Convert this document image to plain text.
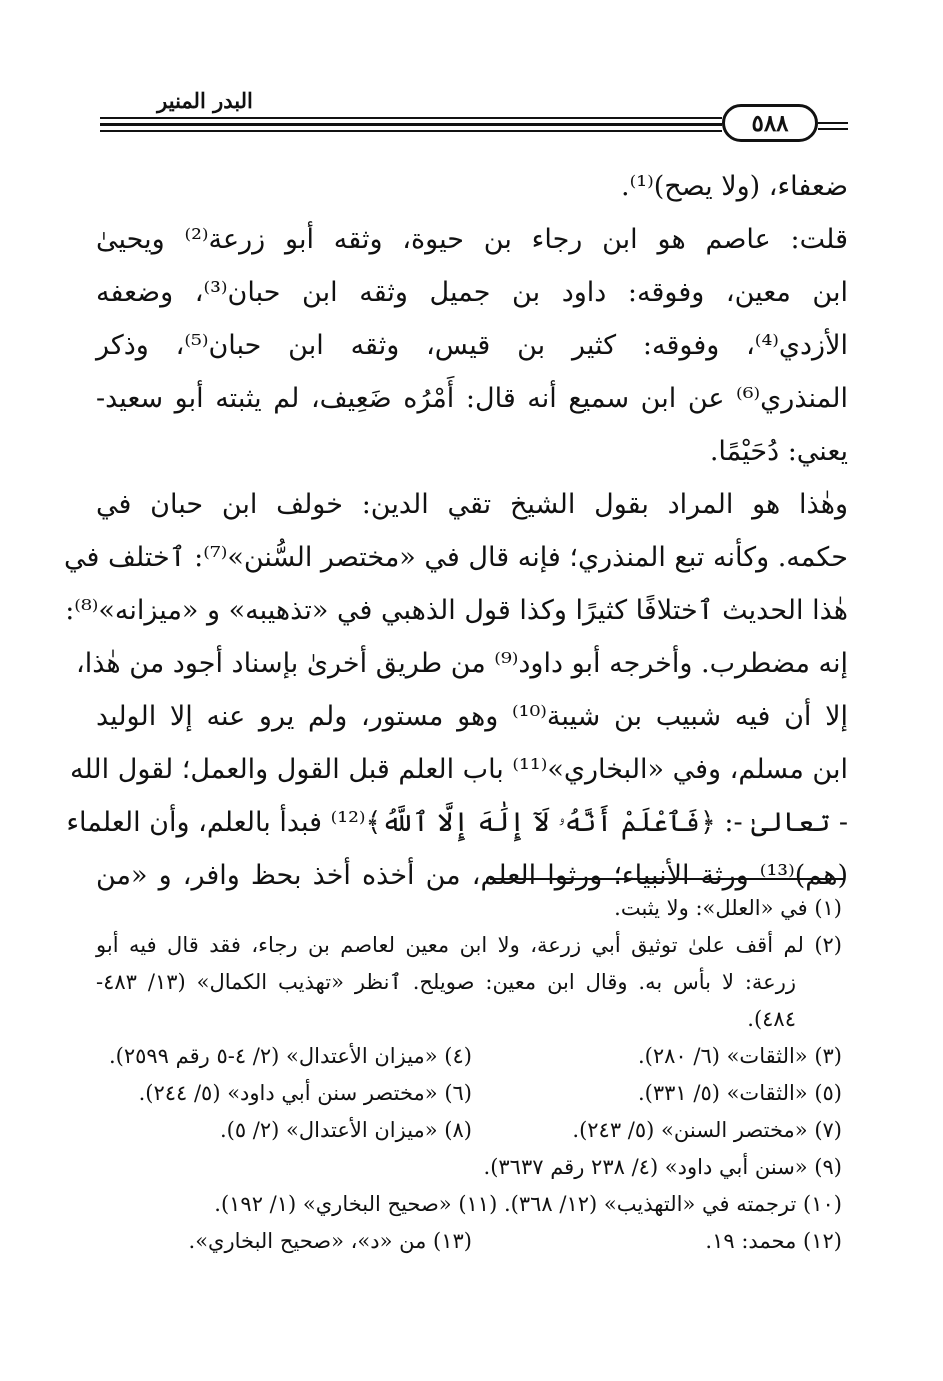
البدر المنير
٥٨٨
ضعفاء، (ولا يصح)⁽¹⁾.
قلت: عاصم هو ابن رجاء بن حيوة، وثقه أبو زرعة⁽²⁾ ويحيىٰ
ابن معين، وفوقه: داود بن جميل وثقه ابن حبان⁽³⁾، وضعفه
الأزدي⁽⁴⁾، وفوقه: كثير بن قيس، وثقه ابن حبان⁽⁵⁾، وذكر
المنذري⁽⁶⁾ عن ابن سميع أنه قال: أَمْرُه ضَعِيف، لم يثبته أبو سعيد-
يعني: دُحَيْمًا.
وهٰذا هو المراد بقول الشيخ تقي الدين: خولف ابن حبان في
حكمه. وكأنه تبع المنذري؛ فإنه قال في «مختصر السُّنن»⁽⁷⁾: ٱختلف في
هٰذا الحديث ٱختلافًا كثيرًا وكذا قول الذهبي في «تذهيبه» و «ميزانه»⁽⁸⁾:
إنه مضطرب. وأخرجه أبو داود⁽⁹⁾ من طريق أخرىٰ بإسناد أجود من هٰذا،
إلا أن فيه شبيب بن شيبة⁽¹⁰⁾ وهو مستور، ولم يرو عنه إلا الوليد
ابن مسلم، وفي «البخاري»⁽¹¹⁾ باب العلم قبل القول والعمل؛ لقول الله
- تعالىٰ -: ﴿فَٱعْلَمْ أَنَّهُۥ لَآ إِلَٰهَ إِلَّا ٱللَّهُ﴾⁽¹²⁾ فبدأ بالعلم، وأن العلماء
(هم)⁽¹³⁾ ورثة الأنبياء؛ ورثوا العلم، من أخذه أخذ بحظ وافر، و «من
(١) في «العلل»: ولا يثبت.
(٢) لم أقف علىٰ توثيق أبي زرعة، ولا ابن معين لعاصم بن رجاء، فقد قال فيه أبو
زرعة: لا بأس به. وقال ابن معين: صويلح. ٱنظر «تهذيب الكمال» (١٣/ ٤٨٣-
٤٨٤).
(٣) «الثقات» (٦/ ٢٨٠).
(٤) «ميزان الأعتدال» (٢/ ٤-٥ رقم ٢٥٩٩).
(٥) «الثقات» (٥/ ٣٣١).
(٦) «مختصر سنن أبي داود» (٥/ ٢٤٤).
(٧) «مختصر السنن» (٥/ ٢٤٣).
(٨) «ميزان الأعتدال» (٢/ ٥).
(٩) «سنن أبي داود» (٤/ ٢٣٨ رقم ٣٦٣٧).
(١٠) ترجمته في «التهذيب» (١٢/ ٣٦٨). (١١) «صحيح البخاري» (١/ ١٩٢).
(١٢) محمد: ١٩.
(١٣) من «د»، «صحيح البخاري».
